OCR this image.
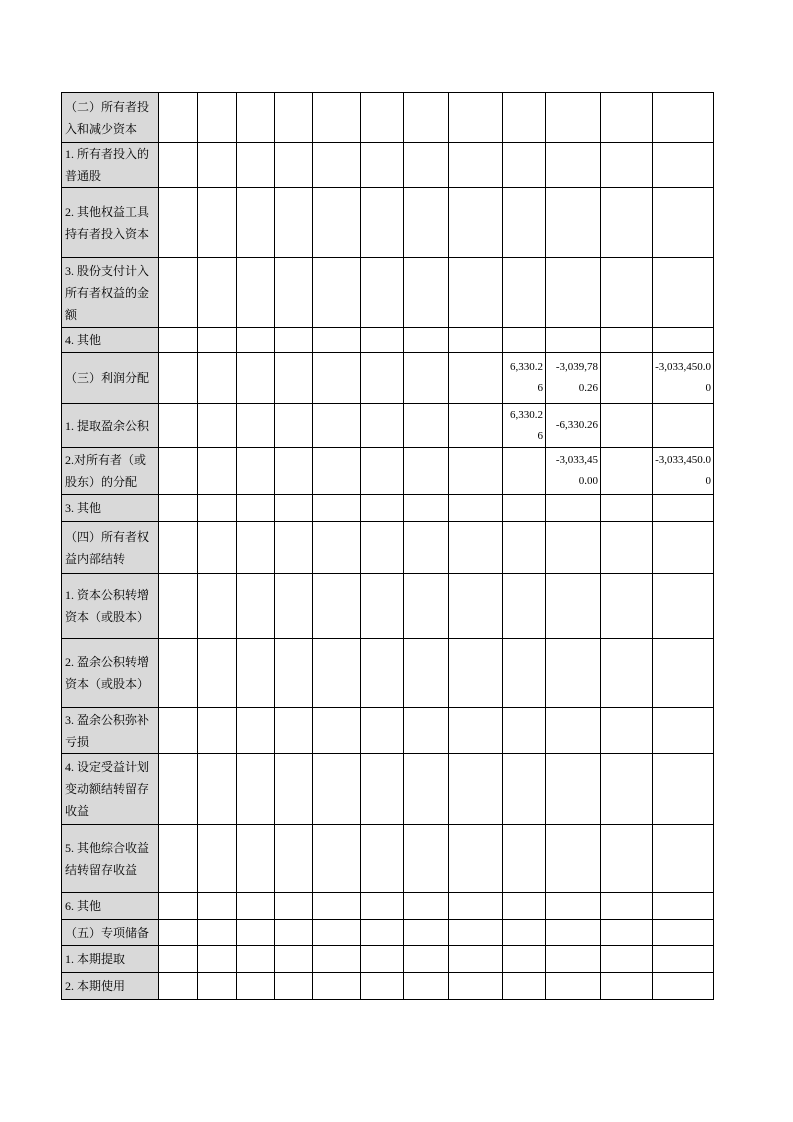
（二）所有者投入和减少资本												
1. 所有者投入的普通股												
2. 其他权益工具持有者投入资本												
3. 股份支付计入所有者权益的金额												
4. 其他												
（三）利润分配									6,330.26	-3,039,780.26		-3,033,450.00
1. 提取盈余公积									6,330.26	-6,330.26		
2.对所有者（或股东）的分配										-3,033,450.00		-3,033,450.00
3. 其他												
（四）所有者权益内部结转												
1. 资本公积转增资本（或股本）												
2. 盈余公积转增资本（或股本）												
3. 盈余公积弥补亏损												
4. 设定受益计划变动额结转留存收益												
5. 其他综合收益结转留存收益												
6. 其他												
（五）专项储备												
1. 本期提取												
2. 本期使用												
